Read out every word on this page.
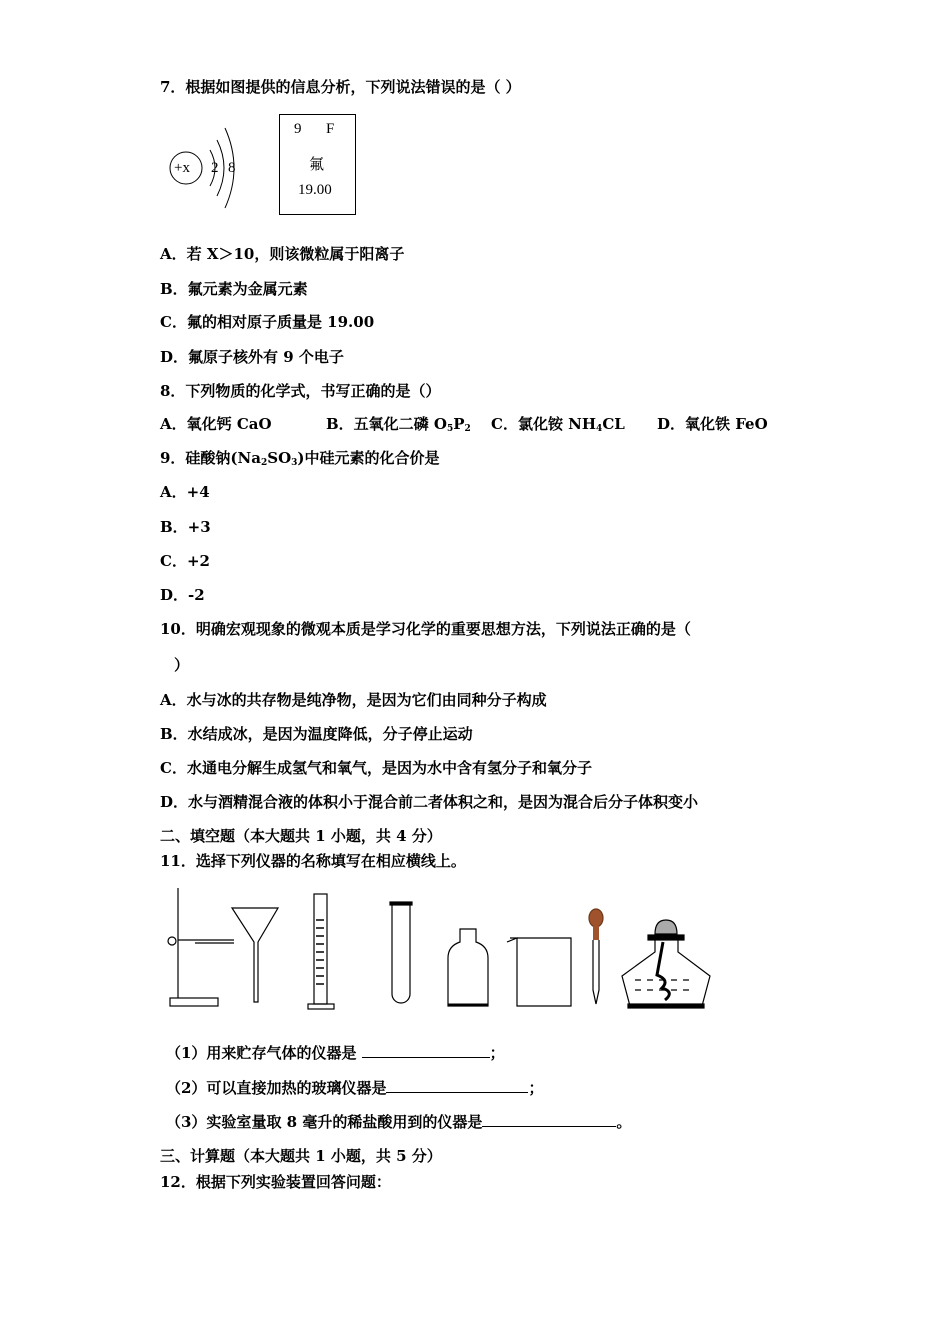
7．根据如图提供的信息分析，下列说法错误的是（ ）
+x 2 8
9 F
氟
19.00
A．若 X＞10，则该微粒属于阳离子
B．氟元素为金属元素
C．氟的相对原子质量是 19.00
D．氟原子核外有 9 个电子
8．下列物质的化学式，书写正确的是（）
A．氧化钙 CaO	B．五氧化二磷 $O_5P_2$ C．氯化铵 $NH_4CL$ D．氧化铁 FeO
9．硅酸钠$(Na_2SO_3)$中硅元素的化合价是
A．+4
B．+3
C．+2
D．-2
10．明确宏观现象的微观本质是学习化学的重要思想方法，下列说法正确的是（
）
A．水与冰的共存物是纯净物，是因为它们由同种分子构成
B．水结成冰，是因为温度降低，分子停止运动
C．水通电分解生成氢气和氧气，是因为水中含有氢分子和氧分子
D．水与酒精混合液的体积小于混合前二者体积之和，是因为混合后分子体积变小
二、填空题（本大题共 1 小题，共 4 分）
11．选择下列仪器的名称填写在相应横线上。
（1）用来贮存气体的仪器是	；
（2）可以直接加热的玻璃仪器是	；
（3）实验室量取 8 毫升的稀盐酸用到的仪器是	。
三、计算题（本大题共 1 小题，共 5 分）
12．根据下列实验装置回答问题：
